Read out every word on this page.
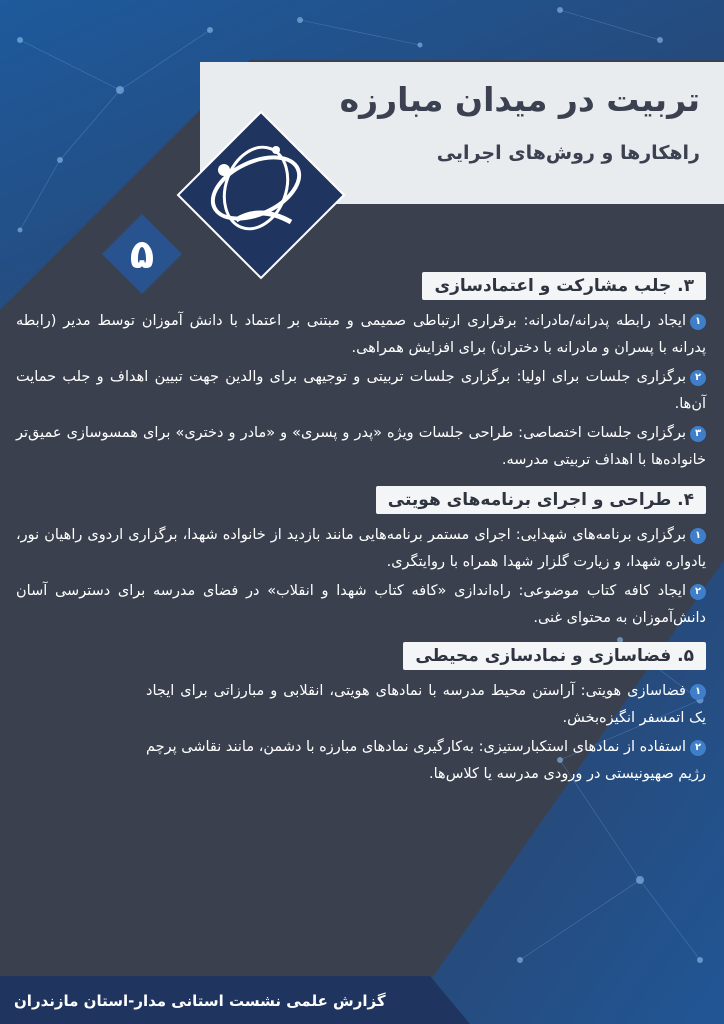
تربیت در میدان مبارزه
راهکارها و روش‌های اجرایی
۵
۳. جلب مشارکت و اعتمادسازی

۱ایجاد رابطه پدرانه/مادرانه: برقراری ارتباطی صمیمی و مبتنی بر اعتماد با دانش آموزان توسط مدیر (رابطه پدرانه با پسران و مادرانه با دختران) برای افزایش همراهی.

۲برگزاری جلسات برای اولیا: برگزاری جلسات تربیتی و توجیهی برای والدین جهت تبیین اهداف و جلب حمایت آن‌ها.

۳برگزاری جلسات اختصاصی: طراحی جلسات ویژه «پدر و پسری» و «مادر و دختری» برای همسوسازی عمیق‌تر خانواده‌ها با اهداف تربیتی مدرسه.

۴. طراحی و اجرای برنامه‌های هویتی

۱برگزاری برنامه‌های شهدایی: اجرای مستمر برنامه‌هایی مانند بازدید از خانواده شهدا، برگزاری اردوی راهیان نور، یادواره شهدا، و زیارت گلزار شهدا همراه با روایتگری.

۲ایجاد کافه کتاب موضوعی: راه‌اندازی «کافه کتاب شهدا و انقلاب» در فضای مدرسه برای دسترسی آسان دانش‌آموزان به محتوای غنی.

۵. فضاسازی و نمادسازی محیطی

۱فضاسازی هویتی: آراستن محیط مدرسه با نمادهای هویتی، انقلابی و مبارزاتی برای ایجاد یک اتمسفر انگیزه‌بخش.

۲استفاده از نمادهای استکبارستیزی: به‌کارگیری نمادهای مبارزه با دشمن، مانند نقاشی پرچم رژیم صهیونیستی در ورودی مدرسه یا کلاس‌ها.

گزارش علمی نشست استانی مدار-استان مازندران
